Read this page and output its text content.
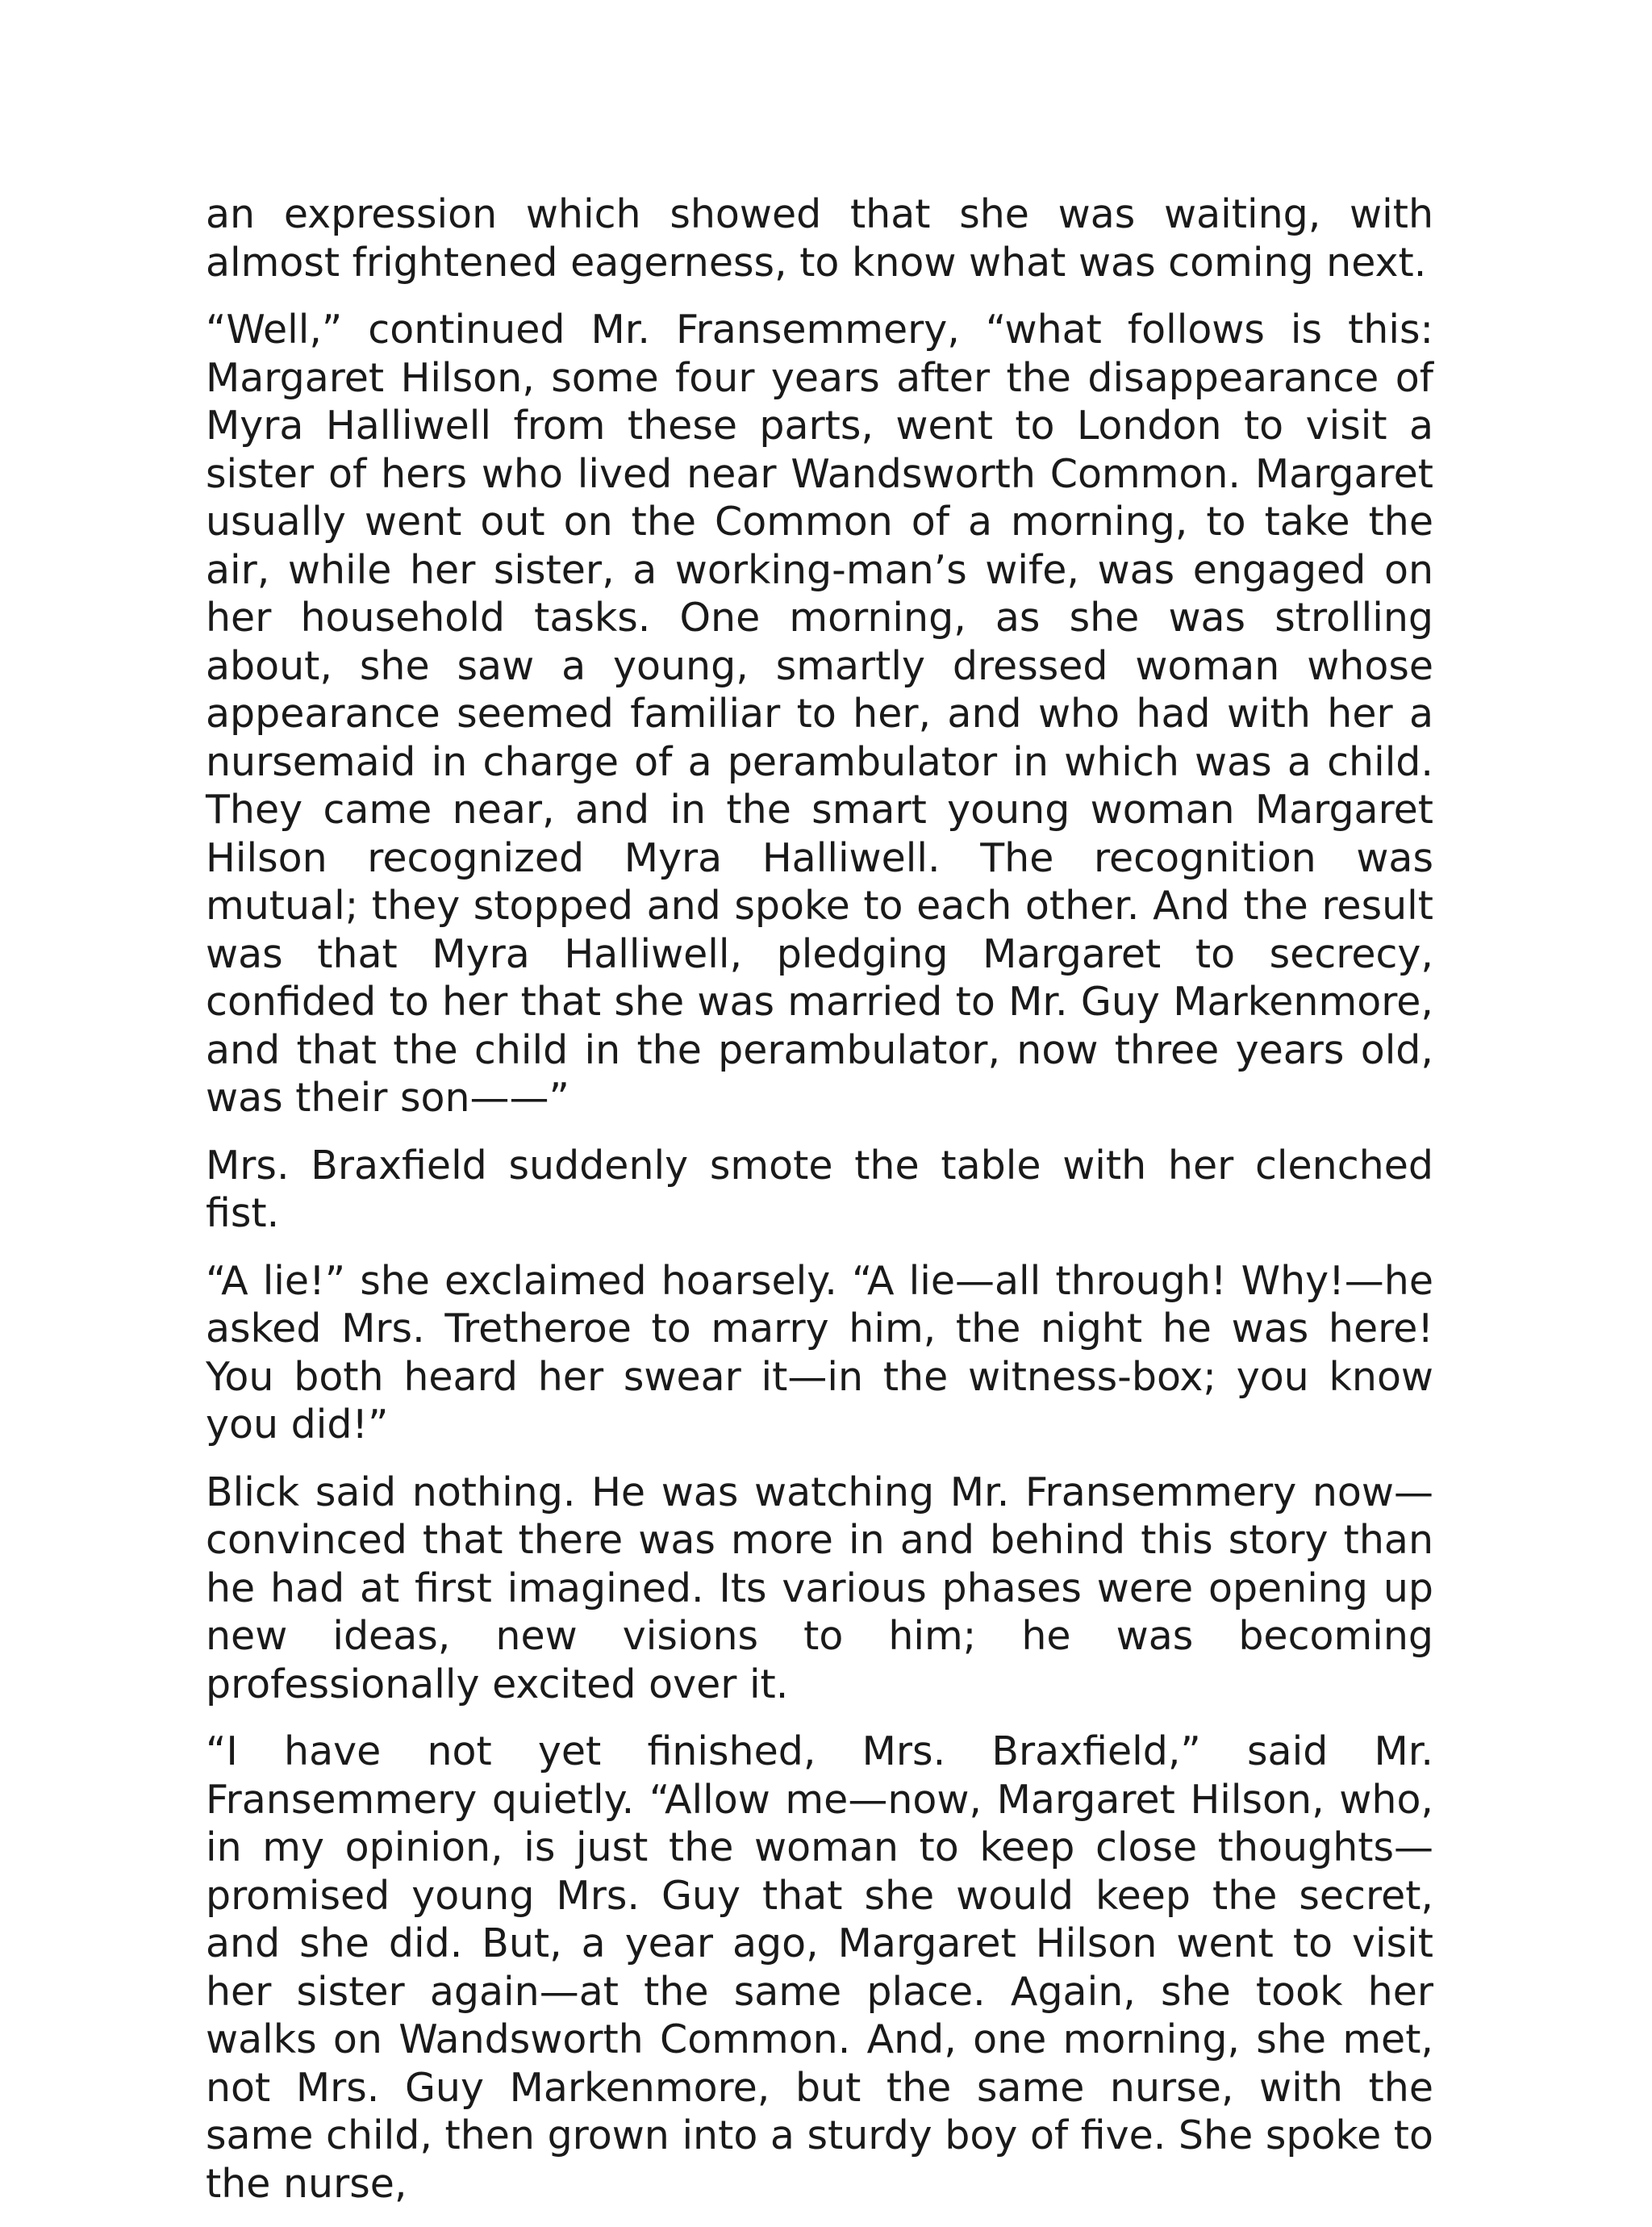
an expression which showed that she was waiting, with almost frightened eagerness, to know what was coming next.

“Well,” continued Mr. Fransemmery, “what follows is this: Margaret Hilson, some four years after the disappearance of Myra Halliwell from these parts, went to London to visit a sister of hers who lived near Wandsworth Common. Margaret usually went out on the Common of a morning, to take the air, while her sister, a working-man’s wife, was engaged on her household tasks. One morning, as she was strolling about, she saw a young, smartly dressed woman whose appearance seemed familiar to her, and who had with her a nursemaid in charge of a perambulator in which was a child. They came near, and in the smart young woman Margaret Hilson recognized Myra Halliwell. The recognition was mutual; they stopped and spoke to each other. And the result was that Myra Halliwell, pledging Margaret to secrecy, confided to her that she was married to Mr. Guy Markenmore, and that the child in the perambulator, now three years old, was their son——”

Mrs. Braxfield suddenly smote the table with her clenched fist.

“A lie!” she exclaimed hoarsely. “A lie—all through! Why!—he asked Mrs. Tretheroe to marry him, the night he was here! You both heard her swear it—in the witness-box; you know you did!”

Blick said nothing. He was watching Mr. Fransemmery now—convinced that there was more in and behind this story than he had at first imagined. Its various phases were opening up new ideas, new visions to him; he was becoming professionally excited over it.

“I have not yet finished, Mrs. Braxfield,” said Mr. Fransemmery quietly. “Allow me—now, Margaret Hilson, who, in my opinion, is just the woman to keep close thoughts—promised young Mrs. Guy that she would keep the secret, and she did. But, a year ago, Margaret Hilson went to visit her sister again—at the same place. Again, she took her walks on Wandsworth Common. And, one morning, she met, not Mrs. Guy Markenmore, but the same nurse, with the same child, then grown into a sturdy boy of five. She spoke to the nurse,
